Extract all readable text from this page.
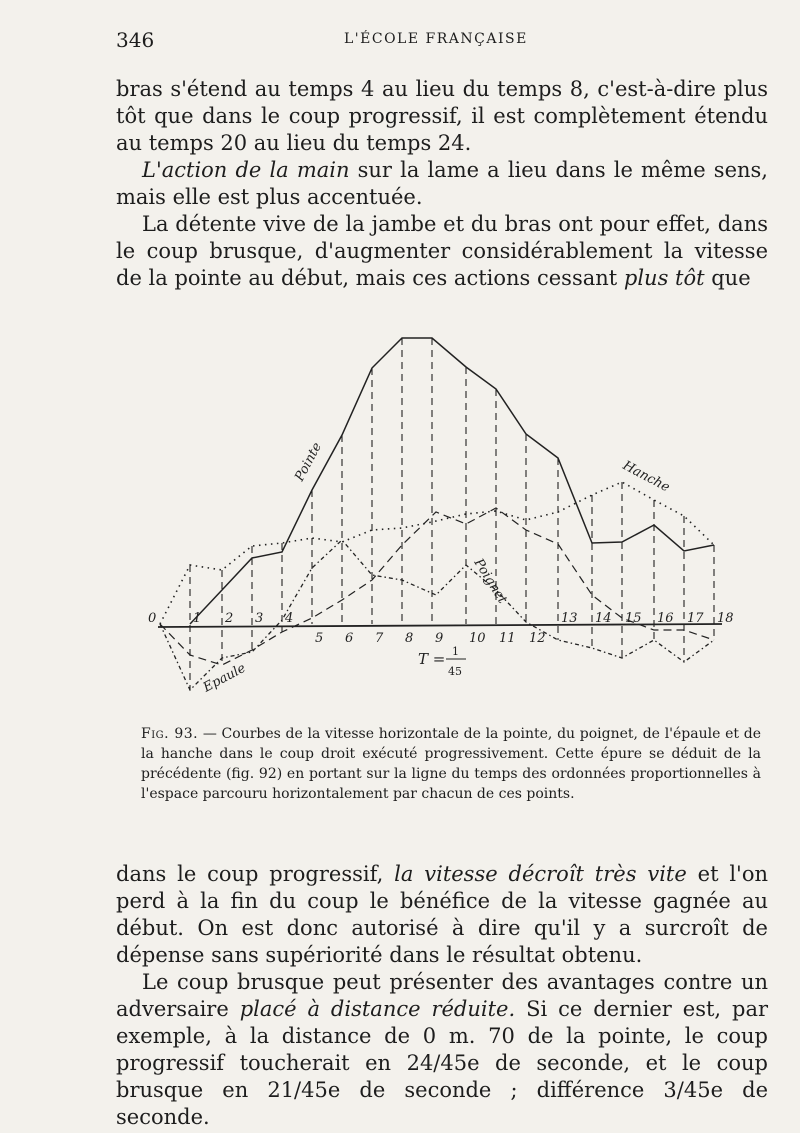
346	L'ÉCOLE FRANÇAISE

bras s'étend au temps 4 au lieu du temps 8, c'est-à-dire plus tôt que dans le coup progressif, il est complètement étendu au temps 20 au lieu du temps 24.

L'action de la main sur la lame a lieu dans le même sens, mais elle est plus accentuée.

La détente vive de la jambe et du bras ont pour effet, dans le coup brusque, d'augmenter considérablement la vitesse de la pointe au début, mais ces actions cessant plus tôt que

0	1 2 3 4
5 6 7 8 9 10 11 12
13 14 15 16 17 18
Pointe	Hanche
Poignet
Epaule
T = 1
45
Fig. 93. — Courbes de la vitesse horizontale de la pointe, du poignet, de l'épaule et de la hanche dans le coup droit exécuté progressivement. Cette épure se déduit de la précédente (fig. 92) en portant sur la ligne du temps des ordonnées proportionnelles à l'espace parcouru horizontalement par chacun de ces points.

dans le coup progressif, la vitesse décroît très vite et l'on perd à la fin du coup le bénéfice de la vitesse gagnée au début. On est donc autorisé à dire qu'il y a surcroît de dépense sans supériorité dans le résultat obtenu.

Le coup brusque peut présenter des avantages contre un adversaire placé à distance réduite. Si ce dernier est, par exemple, à la distance de 0 m. 70 de la pointe, le coup progressif toucherait en 24/45e de seconde, et le coup brusque en 21/45e de seconde ; différence 3/45e de seconde.
